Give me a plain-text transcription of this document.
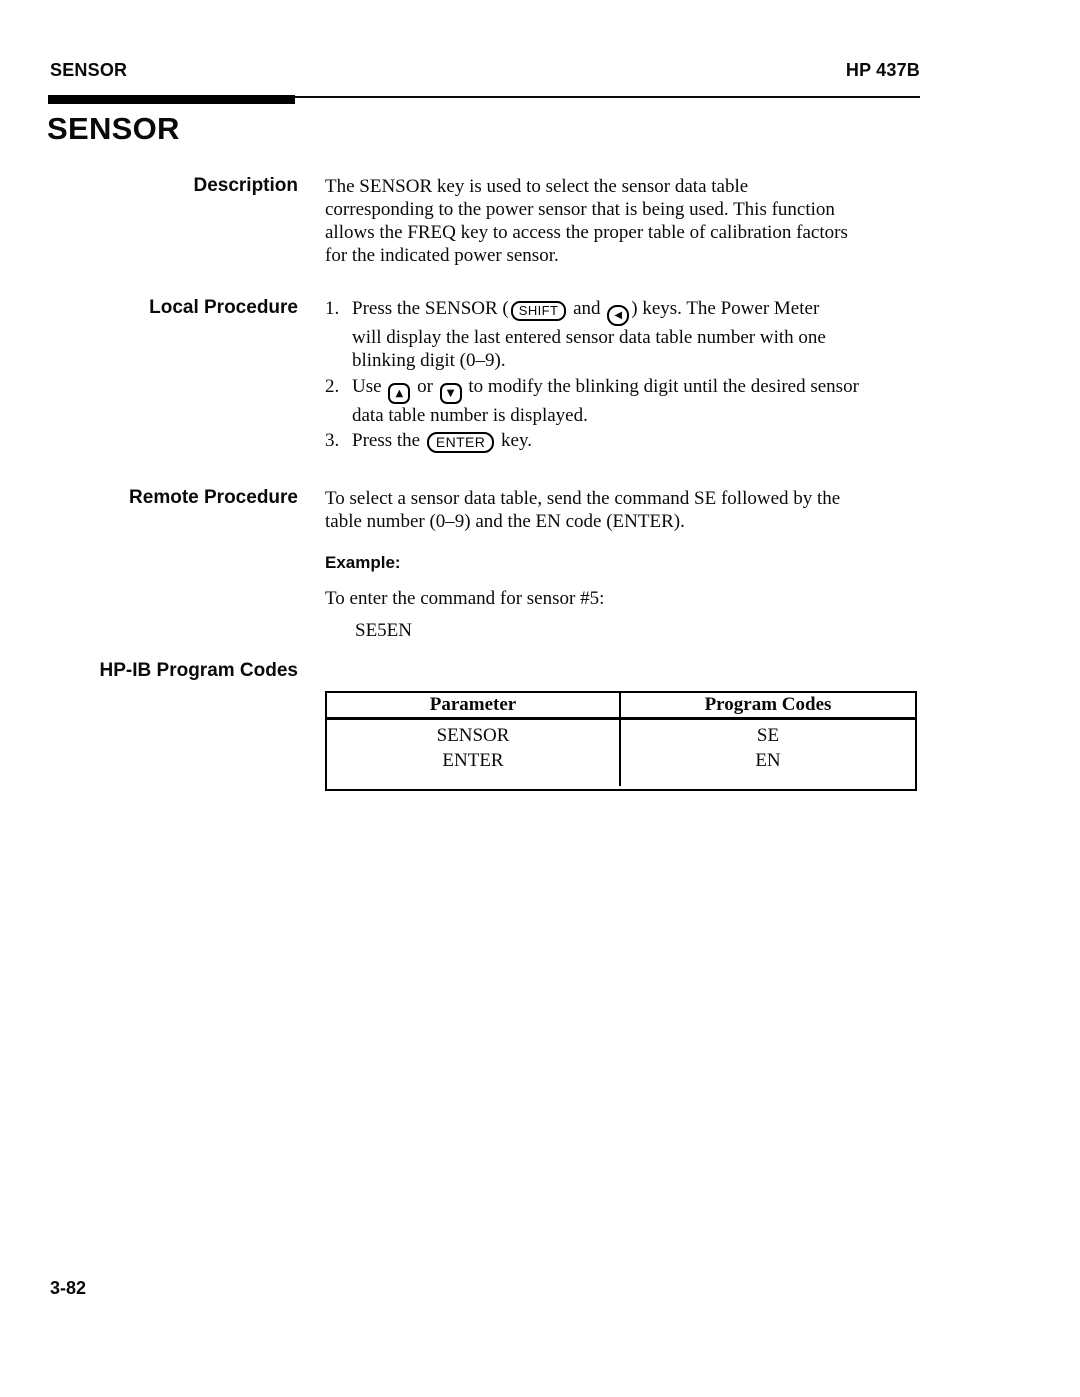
SENSOR	HP 437B
SENSOR
Description The SENSOR key is used to select the sensor data table
corresponding to the power sensor that is being used. This function
allows the FREQ key to access the proper table of calibration factors
for the indicated power sensor.
Local Procedure 1. Press the SENSOR ( SHIFT and ◀ ) keys. The Power Meter
will display the last entered sensor data table number with one
blinking digit (0–9).
2. Use ▲ or ▼ to modify the blinking digit until the desired sensor
data table number is displayed.
3. Press the ENTER key.
Remote Procedure To select a sensor data table, send the command SE followed by the
table number (0–9) and the EN code (ENTER).
Example:
To enter the command for sensor #5:
SE5EN
HP-IB Program Codes
Parameter	Program Codes
SENSOR
ENTER
SE
EN
3-82
